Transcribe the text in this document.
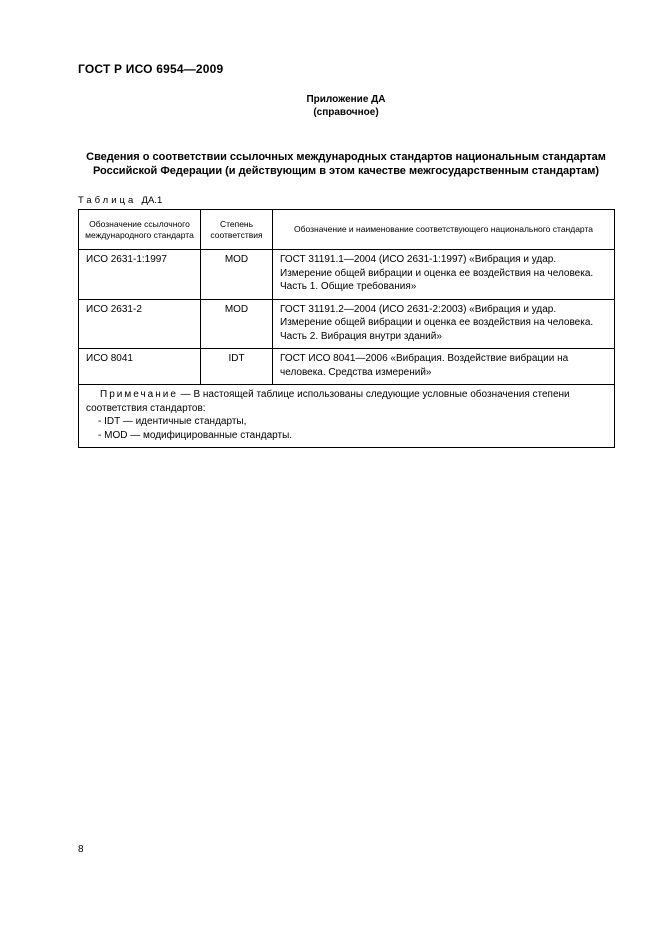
ГОСТ Р ИСО 6954—2009
Приложение ДА
(справочное)
Сведения о соответствии ссылочных международных стандартов национальным стандартам Российской Федерации (и действующим в этом качестве межгосударственным стандартам)
Таблица ДА.1
Обозначение ссылочного международного стандарта	Степень соответствия	Обозначение и наименование соответствующего национального стандарта
ИСО 2631-1:1997	MOD	ГОСТ 31191.1—2004 (ИСО 2631-1:1997) «Вибрация и удар. Измерение общей вибрации и оценка ее воздействия на человека. Часть 1. Общие требования»
ИСО 2631-2	MOD	ГОСТ 31191.2—2004 (ИСО 2631-2:2003) «Вибрация и удар. Измерение общей вибрации и оценка ее воздействия на человека. Часть 2. Вибрация внутри зданий»
ИСО 8041	IDT	ГОСТ ИСО 8041—2006 «Вибрация. Воздействие вибрации на человека. Средства измерений»

Примечание — В настоящей таблице использованы следующие условные обозначения степени соответствия стандартов:
- IDT — идентичные стандарты,
- MOD — модифицированные стандарты.		
8
